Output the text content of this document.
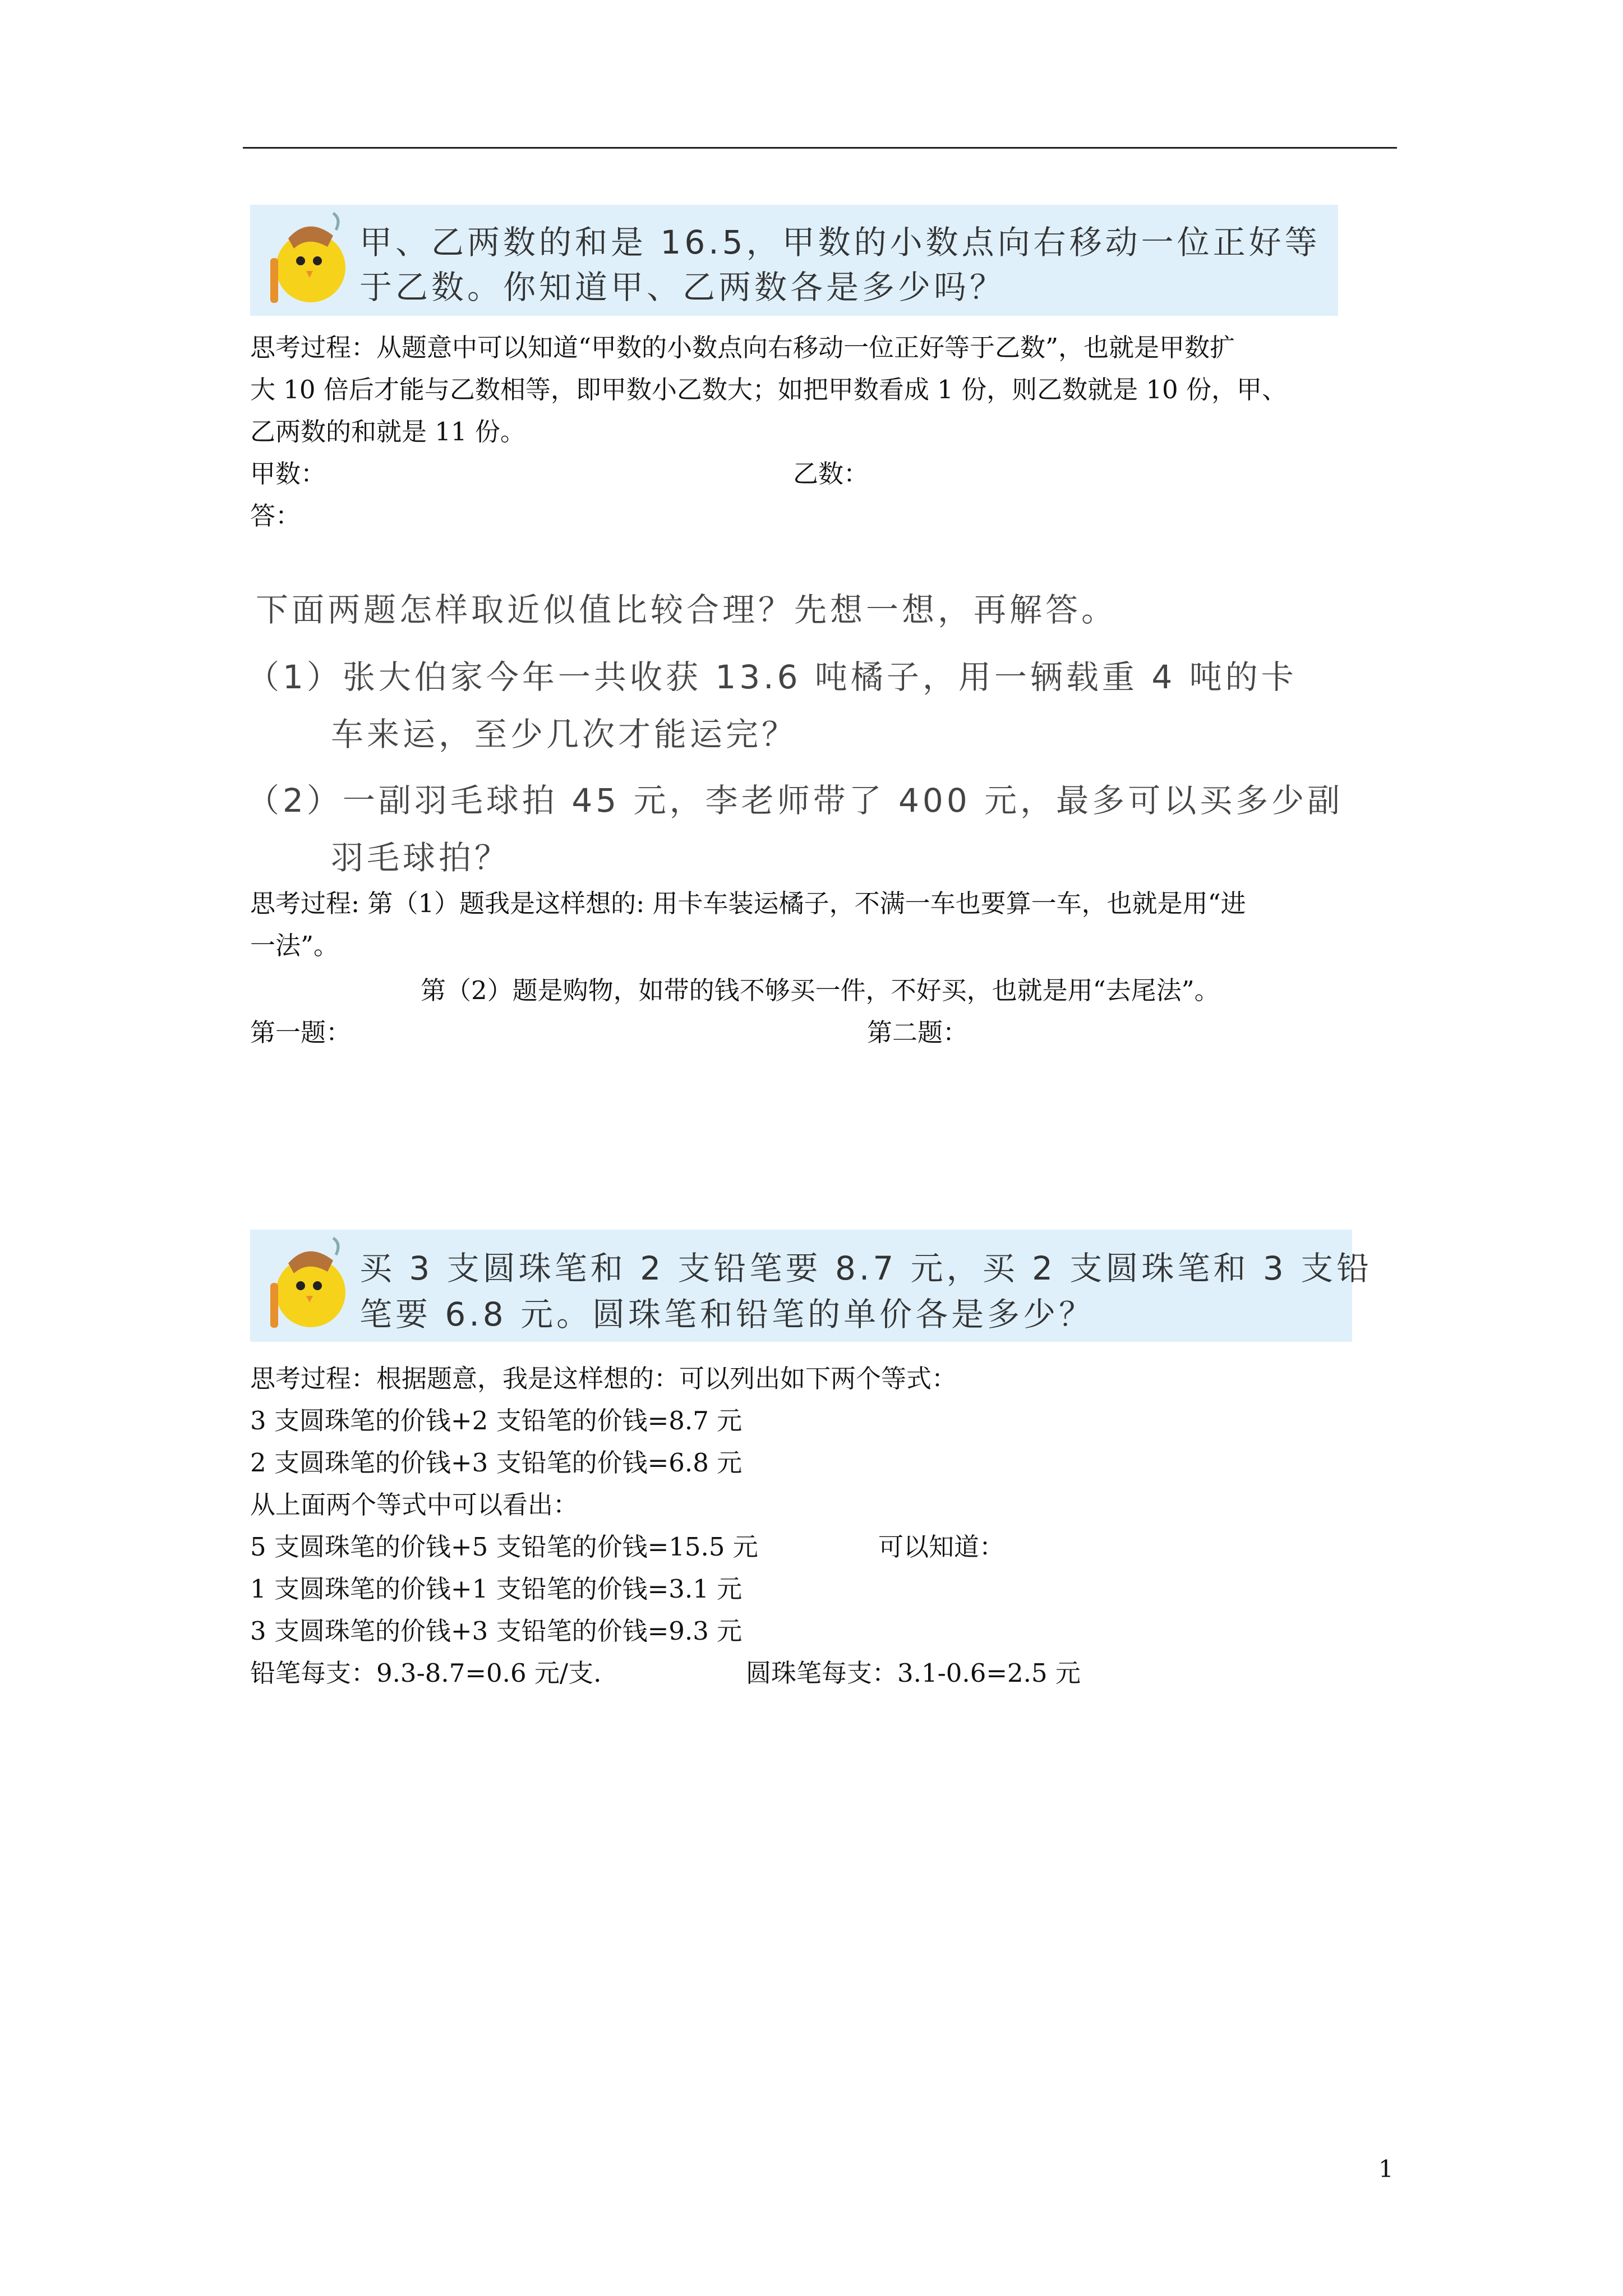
甲、乙两数的和是 16.5，甲数的小数点向右移动一位正好等
于乙数。你知道甲、乙两数各是多少吗？
思考过程：从题意中可以知道“甲数的小数点向右移动一位正好等于乙数”，也就是甲数扩
大 10 倍后才能与乙数相等，即甲数小乙数大；如把甲数看成 1 份，则乙数就是 10 份，甲、
乙两数的和就是 11 份。
甲数：	乙数：
答：
下面两题怎样取近似值比较合理？先想一想，再解答。
（1）张大伯家今年一共收获 13.6 吨橘子，用一辆载重 4 吨的卡
车来运，至少几次才能运完？
（2）一副羽毛球拍 45 元，李老师带了 400 元，最多可以买多少副
羽毛球拍？
思考过程: 第（1）题我是这样想的: 用卡车装运橘子，不满一车也要算一车，也就是用“进
一法”。
第（2）题是购物，如带的钱不够买一件，不好买，也就是用“去尾法”。
第一题：	第二题：
买 3 支圆珠笔和 2 支铅笔要 8.7 元，买 2 支圆珠笔和 3 支铅
笔要 6.8 元。圆珠笔和铅笔的单价各是多少？
思考过程：根据题意，我是这样想的：可以列出如下两个等式：
3 支圆珠笔的价钱+2 支铅笔的价钱=8.7 元
2 支圆珠笔的价钱+3 支铅笔的价钱=6.8 元
从上面两个等式中可以看出：
5 支圆珠笔的价钱+5 支铅笔的价钱=15.5 元	可以知道：
1 支圆珠笔的价钱+1 支铅笔的价钱=3.1 元
3 支圆珠笔的价钱+3 支铅笔的价钱=9.3 元
铅笔每支：9.3-8.7=0.6 元/支.	圆珠笔每支：3.1-0.6=2.5 元
1
